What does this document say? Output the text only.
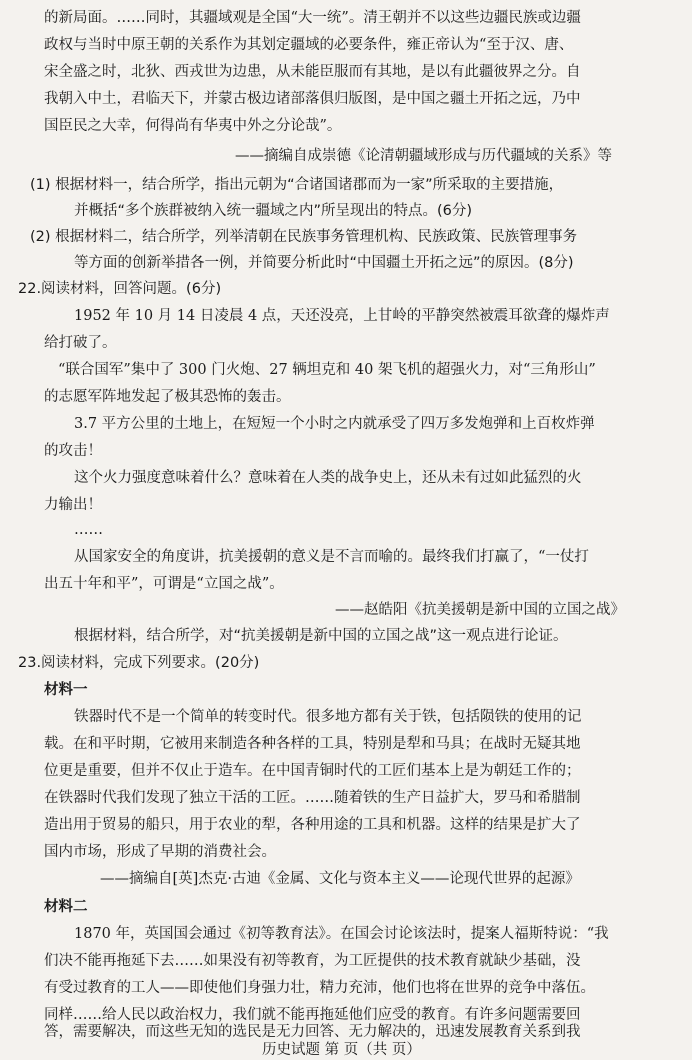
的新局面。……同时，其疆域观是全国“大一统”。清王朝并不以这些边疆民族或边疆
政权与当时中原王朝的关系作为其划定疆域的必要条件，雍正帝认为“至于汉、唐、
宋全盛之时，北狄、西戎世为边患，从未能臣服而有其地，是以有此疆彼界之分。自
我朝入中土，君临天下，并蒙古极边诸部落俱归版图，是中国之疆土开拓之远，乃中
国臣民之大幸，何得尚有华夷中外之分论哉”。
——摘编自成崇德《论清朝疆域形成与历代疆域的关系》等
(1) 根据材料一，结合所学，指出元朝为“合诸国诸郡而为一家”所采取的主要措施，
并概括“多个族群被纳入统一疆域之内”所呈现出的特点。(6分)
(2) 根据材料二，结合所学，列举清朝在民族事务管理机构、民族政策、民族管理事务
等方面的创新举措各一例，并简要分析此时“中国疆土开拓之远”的原因。(8分)
22.阅读材料，回答问题。(6分)
1952 年 10 月 14 日凌晨 4 点，天还没亮，上甘岭的平静突然被震耳欲聋的爆炸声
给打破了。
“联合国军”集中了 300 门火炮、27 辆坦克和 40 架飞机的超强火力，对“三角形山”
的志愿军阵地发起了极其恐怖的轰击。
3.7 平方公里的土地上，在短短一个小时之内就承受了四万多发炮弹和上百枚炸弹
的攻击！
这个火力强度意味着什么？意味着在人类的战争史上，还从未有过如此猛烈的火
力输出！
……
从国家安全的角度讲，抗美援朝的意义是不言而喻的。最终我们打赢了，“一仗打
出五十年和平”，可谓是“立国之战”。
——赵皓阳《抗美援朝是新中国的立国之战》
根据材料，结合所学，对“抗美援朝是新中国的立国之战”这一观点进行论证。
23.阅读材料，完成下列要求。(20分)
材料一
铁器时代不是一个简单的转变时代。很多地方都有关于铁，包括陨铁的使用的记
载。在和平时期，它被用来制造各种各样的工具，特别是犁和马具；在战时无疑其地
位更是重要，但并不仅止于造车。在中国青铜时代的工匠们基本上是为朝廷工作的；
在铁器时代我们发现了独立干活的工匠。……随着铁的生产日益扩大，罗马和希腊制
造出用于贸易的船只，用于农业的犁，各种用途的工具和机器。这样的结果是扩大了
国内市场，形成了早期的消费社会。
——摘编自[英]杰克·古迪《金属、文化与资本主义——论现代世界的起源》
材料二
1870 年，英国国会通过《初等教育法》。在国会讨论该法时，提案人福斯特说：“我
们决不能再拖延下去……如果没有初等教育，为工匠提供的技术教育就缺少基础，没
有受过教育的工人——即使他们身强力壮，精力充沛，他们也将在世界的竞争中落伍。
同样……给人民以政治权力，我们就不能再拖延他们应受的教育。有许多问题需要回
答，需要解决，而这些无知的选民是无力回答、无力解决的，迅速发展教育关系到我
历史试题 第 页（共 页）
